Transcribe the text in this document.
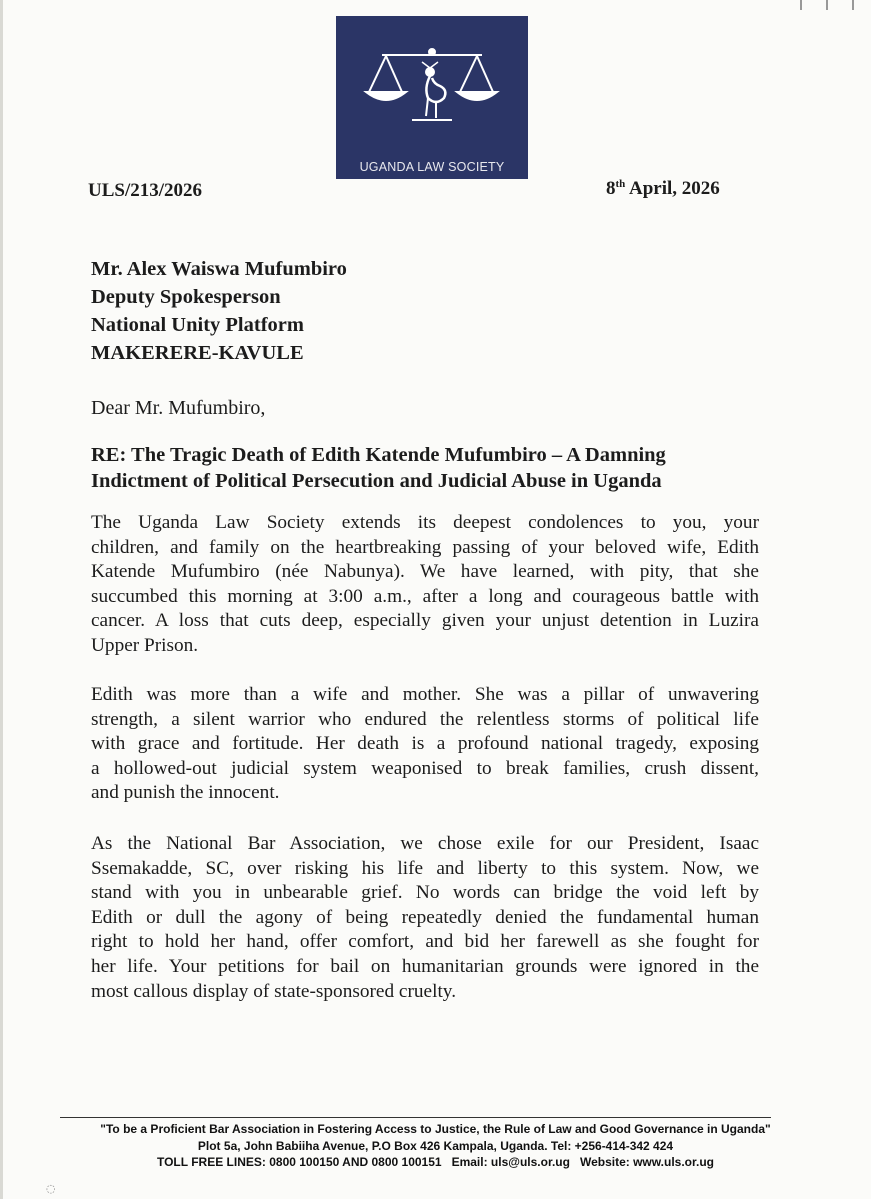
UGANDA LAW SOCIETY
ULS/213/2026	8th April, 2026
Mr. Alex Waiswa Mufumbiro
Deputy Spokesperson
National Unity Platform
MAKERERE-KAVULE
Dear Mr. Mufumbiro,
RE: The Tragic Death of Edith Katende Mufumbiro – A Damning
Indictment of Political Persecution and Judicial Abuse in Uganda
The Uganda Law Society extends its deepest condolences to you, your
children, and family on the heartbreaking passing of your beloved wife, Edith
Katende Mufumbiro (née Nabunya). We have learned, with pity, that she
succumbed this morning at 3:00 a.m., after a long and courageous battle with
cancer. A loss that cuts deep, especially given your unjust detention in Luzira
Upper Prison.
Edith was more than a wife and mother. She was a pillar of unwavering
strength, a silent warrior who endured the relentless storms of political life
with grace and fortitude. Her death is a profound national tragedy, exposing
a hollowed-out judicial system weaponised to break families, crush dissent,
and punish the innocent.
As the National Bar Association, we chose exile for our President, Isaac
Ssemakadde, SC, over risking his life and liberty to this system. Now, we
stand with you in unbearable grief. No words can bridge the void left by
Edith or dull the agony of being repeatedly denied the fundamental human
right to hold her hand, offer comfort, and bid her farewell as she fought for
her life. Your petitions for bail on humanitarian grounds were ignored in the
most callous display of state-sponsored cruelty.
"To be a Proficient Bar Association in Fostering Access to Justice, the Rule of Law and Good Governance in Uganda"
Plot 5a, John Babiiha Avenue, P.O Box 426 Kampala, Uganda. Tel: +256-414-342 424
TOLL FREE LINES: 0800 100150 AND 0800 100151   Email: uls@uls.or.ug   Website: www.uls.or.ug
◌
